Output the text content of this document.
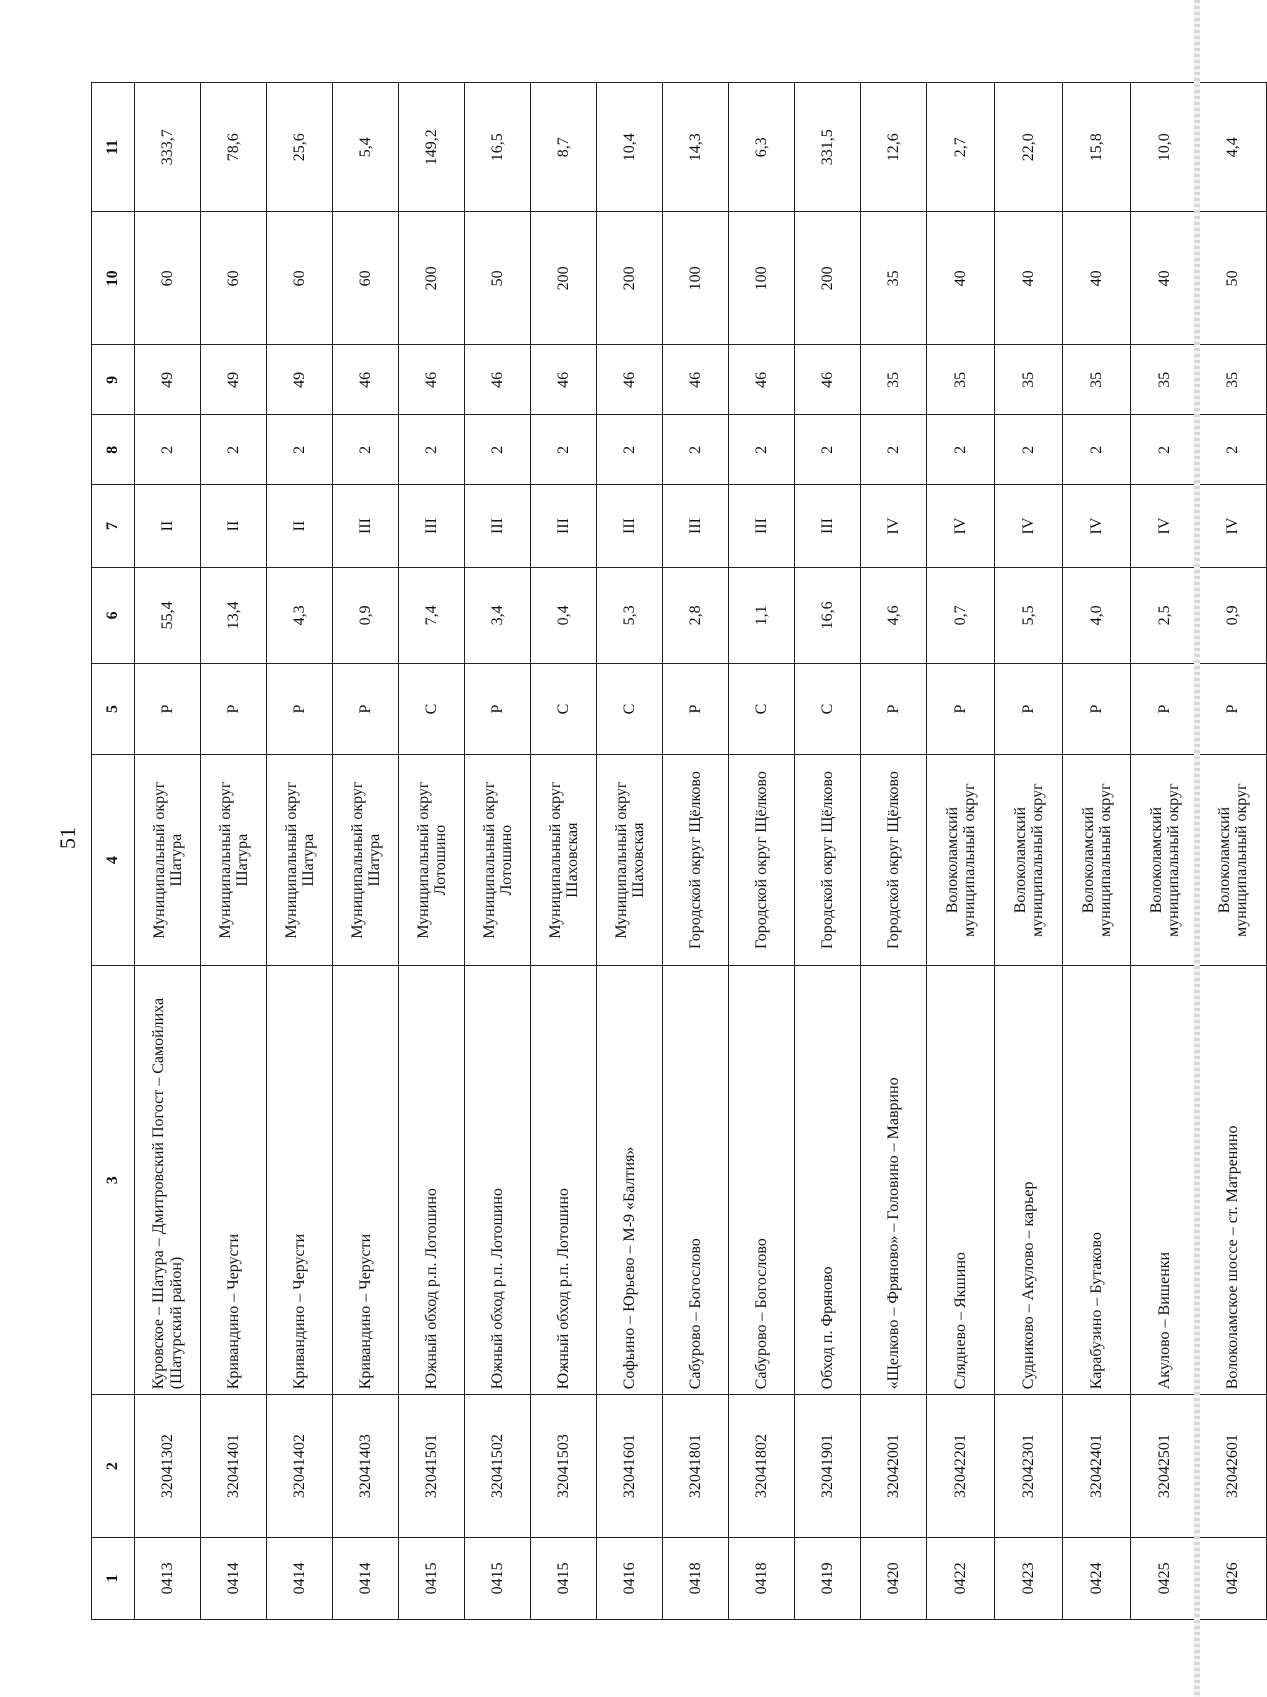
51
1	2	3	4	5	6	7	8	9	10	11
0413	32041302	Куровское – Шатура – Дмитровский Погост – Самойлиха (Шатурский район)	Муниципальный округ Шатура	Р	55,4	II	2	49	60	333,7
0414	32041401	Кривандино – Черусти	Муниципальный округ Шатура	Р	13,4	II	2	49	60	78,6
0414	32041402	Кривандино – Черусти	Муниципальный округ Шатура	Р	4,3	II	2	49	60	25,6
0414	32041403	Кривандино – Черусти	Муниципальный округ Шатура	Р	0,9	III	2	46	60	5,4
0415	32041501	Южный обход р.п. Лотошино	Муниципальный округ Лотошино	С	7,4	III	2	46	200	149,2
0415	32041502	Южный обход р.п. Лотошино	Муниципальный округ Лотошино	Р	3,4	III	2	46	50	16,5
0415	32041503	Южный обход р.п. Лотошино	Муниципальный округ Шаховская	С	0,4	III	2	46	200	8,7
0416	32041601	Софьино – Юрьево – М-9 «Балтия»	Муниципальный округ Шаховская	С	5,3	III	2	46	200	10,4
0418	32041801	Сабурово – Богослово	Городской округ Щёлково	Р	2,8	III	2	46	100	14,3
0418	32041802	Сабурово – Богослово	Городской округ Щёлково	С	1,1	III	2	46	100	6,3
0419	32041901	Обход п. Фряново	Городской округ Щёлково	С	16,6	III	2	46	200	331,5
0420	32042001	«Щелково – Фряново» – Головино – Маврино	Городской округ Щёлково	Р	4,6	IV	2	35	35	12,6
0422	32042201	Сляднево – Якшино	Волоколамский муниципальный округ	Р	0,7	IV	2	35	40	2,7
0423	32042301	Судниково – Акулово – карьер	Волоколамский муниципальный округ	Р	5,5	IV	2	35	40	22,0
0424	32042401	Карабузино – Бутаково	Волоколамский муниципальный округ	Р	4,0	IV	2	35	40	15,8
0425	32042501	Акулово – Вишенки	Волоколамский муниципальный округ	Р	2,5	IV	2	35	40	10,0
0426	32042601	Волоколамское шоссе – ст. Матренино	Волоколамский муниципальный округ	Р	0,9	IV	2	35	50	4,4
